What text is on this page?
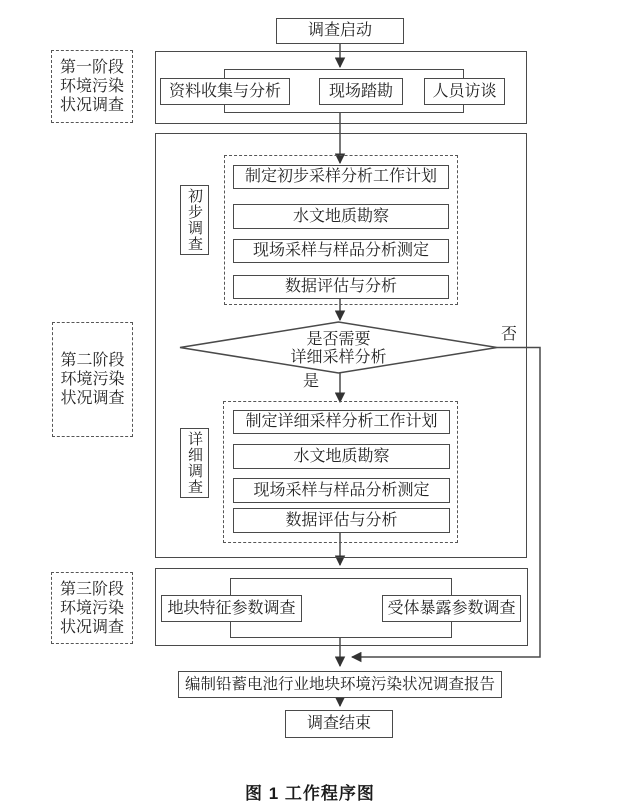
第一阶段
环境污染
状况调查
第二阶段
环境污染
状况调查
第三阶段
环境污染
状况调查
调查启动
资料收集与分析	现场踏勘	人员访谈
制定初步采样分析工作计划
水文地质勘察
现场采样与样品分析测定
数据评估与分析
初步调查
是否需要
详细采样分析
否
是
制定详细采样分析工作计划
水文地质勘察
现场采样与样品分析测定
数据评估与分析
详细调查
地块特征参数调查	受体暴露参数调查
编制铅蓄电池行业地块环境污染状况调查报告
调查结束
图 1 工作程序图
